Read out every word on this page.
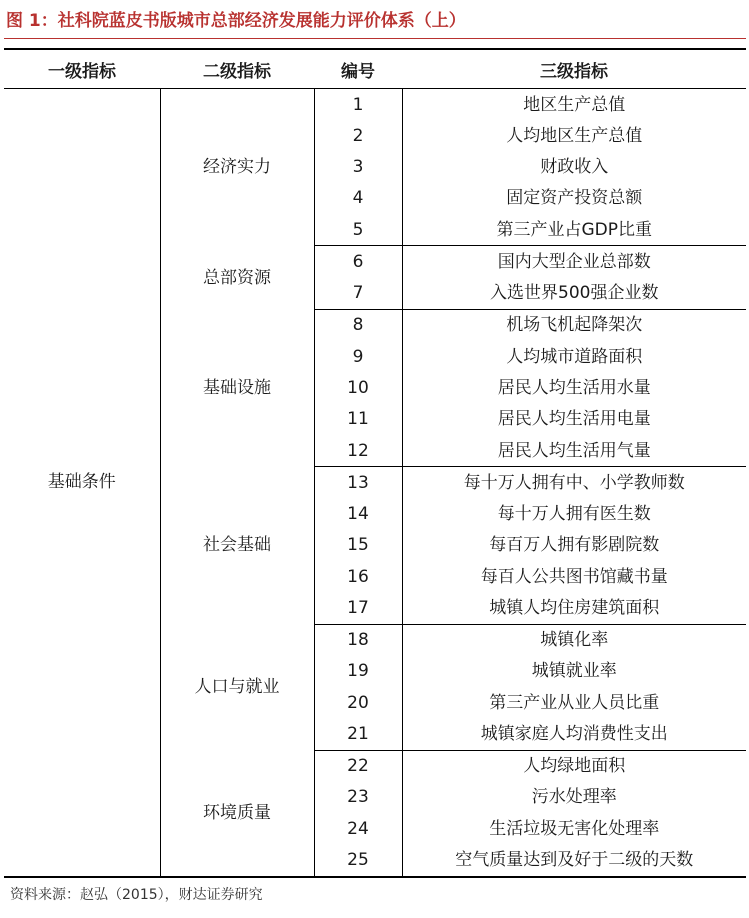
图 1：社科院蓝皮书版城市总部经济发展能力评价体系（上）
一级指标	二级指标	编号	三级指标
基础条件	经济实力	1	地区生产总值
		2	人均地区生产总值
		3	财政收入
		4	固定资产投资总额
		5	第三产业占GDP比重
	总部资源	6	国内大型企业总部数
		7	入选世界500强企业数
	基础设施	8	机场飞机起降架次
		9	人均城市道路面积
		10	居民人均生活用水量
		11	居民人均生活用电量
		12	居民人均生活用气量
	社会基础	13	每十万人拥有中、小学教师数
		14	每十万人拥有医生数
		15	每百万人拥有影剧院数
		16	每百人公共图书馆藏书量
		17	城镇人均住房建筑面积
	人口与就业	18	城镇化率
		19	城镇就业率
		20	第三产业从业人员比重
		21	城镇家庭人均消费性支出
	环境质量	22	人均绿地面积
		23	污水处理率
		24	生活垃圾无害化处理率
		25	空气质量达到及好于二级的天数
资料来源：赵弘（2015），财达证券研究
